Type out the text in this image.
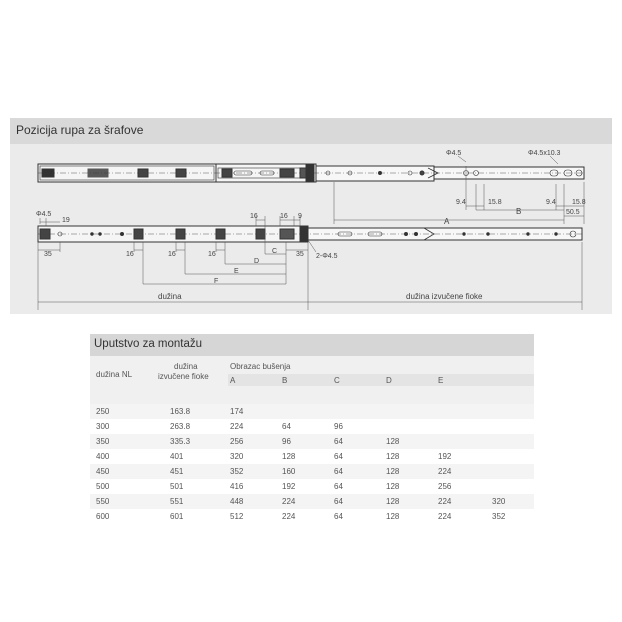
Pozicija rupa za šrafove
Φ4.5	Φ4.5x10.3
9.4	15.8	9.4 15.8
50.5
B
A
Φ4.5
19
35	16	16	16
16	16 9
35 2-Φ4.5
C
D
E
F
dužina	dužina izvučene fioke
Uputstvo za montažu
dužina NL
dužina
izvučene fioke
Obrazac bušenja
A	B	C	D	E
250	163.8	174
300	263.8	224	64	96
350	335.3	256	96	64	128
400	401	320	128	64	128	192
450	451	352	160	64	128	224
500	501	416	192	64	128	256
550	551	448	224	64	128	224	320
600	601	512	224	64	128	224	352
